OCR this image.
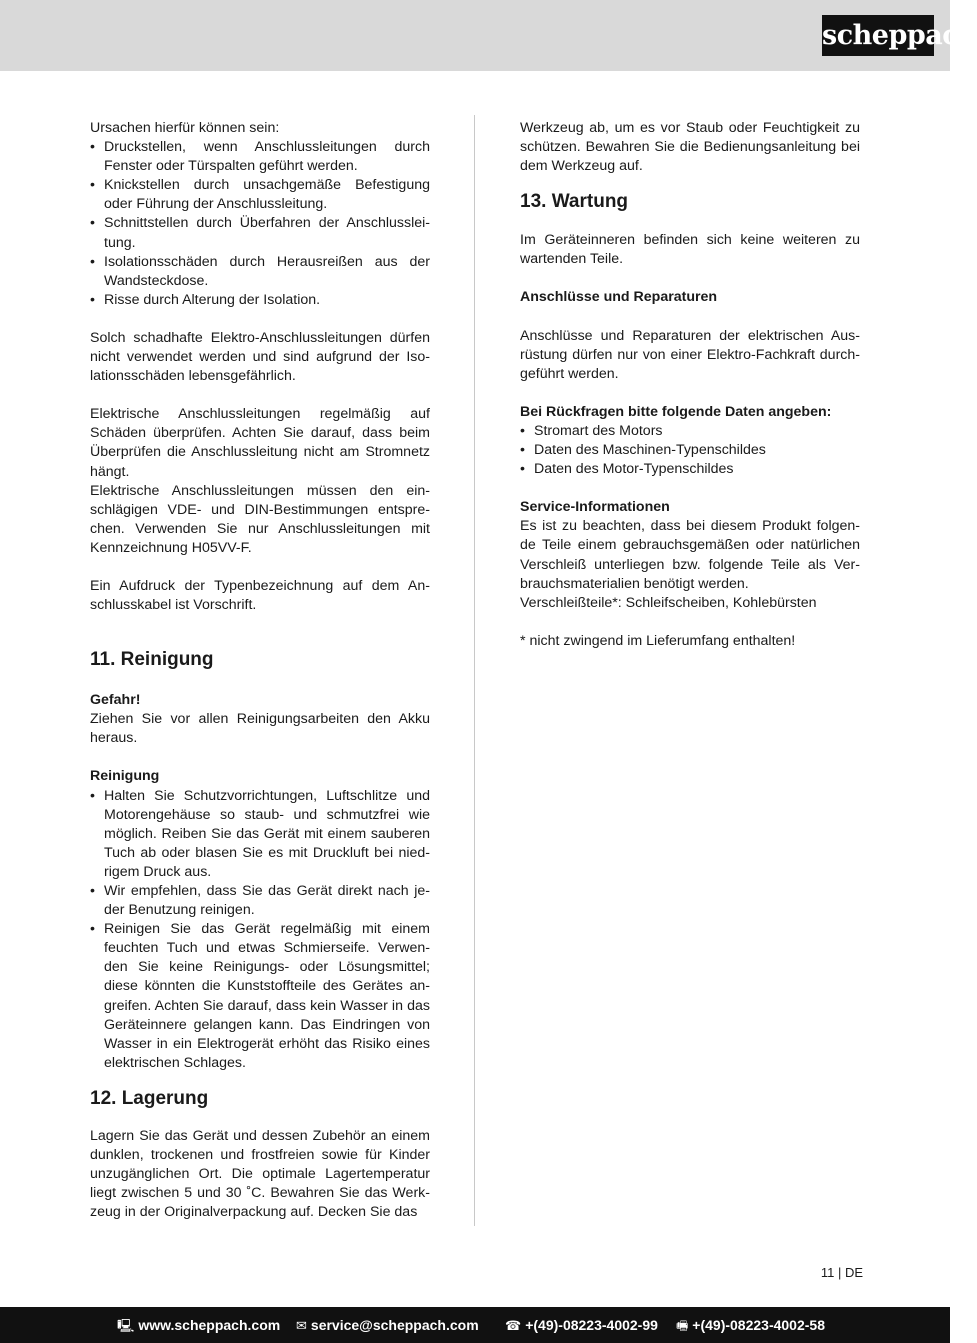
scheppach

Ursachen hierfür können sein:

• Druckstellen, wenn Anschlussleitungen durch Fenster oder Türspalten geführt werden.
• Knickstellen durch unsachgemäße Befestigung oder Führung der Anschlussleitung.
• Schnittstellen durch Überfahren der Anschlusslei-tung.
• Isolationsschäden durch Herausreißen aus der Wandsteckdose.
• Risse durch Alterung der Isolation.

Solch schadhafte Elektro-Anschlussleitungen dürfen nicht verwendet werden und sind aufgrund der Iso-lationsschäden lebensgefährlich.

Elektrische Anschlussleitungen regelmäßig auf Schäden überprüfen. Achten Sie darauf, dass beim Überprüfen die Anschlussleitung nicht am Stromnetz hängt.

Elektrische Anschlussleitungen müssen den ein-schlägigen VDE- und DIN-Bestimmungen entspre-chen. Verwenden Sie nur Anschlussleitungen mit Kennzeichnung H05VV-F.

Ein Aufdruck der Typenbezeichnung auf dem An-schlusskabel ist Vorschrift.

11. Reinigung

Gefahr!

Ziehen Sie vor allen Reinigungsarbeiten den Akku heraus.

Reinigung

• Halten Sie Schutzvorrichtungen, Luftschlitze und Motorengehäuse so staub- und schmutzfrei wie möglich. Reiben Sie das Gerät mit einem sauberen Tuch ab oder blasen Sie es mit Druckluft bei nied-rigem Druck aus.
• Wir empfehlen, dass Sie das Gerät direkt nach je-der Benutzung reinigen.
• Reinigen Sie das Gerät regelmäßig mit einem feuchten Tuch und etwas Schmierseife. Verwen-den Sie keine Reinigungs- oder Lösungsmittel; diese könnten die Kunststoffteile des Gerätes an-greifen. Achten Sie darauf, dass kein Wasser in das Geräteinnere gelangen kann. Das Eindringen von Wasser in ein Elektrogerät erhöht das Risiko eines elektrischen Schlages.
12. Lagerung

Lagern Sie das Gerät und dessen Zubehör an einem dunklen, trockenen und frostfreien sowie für Kinder unzugänglichen Ort. Die optimale Lagertemperatur liegt zwischen 5 und 30 ˚C. Bewahren Sie das Werk-zeug in der Originalverpackung auf. Decken Sie das

Werkzeug ab, um es vor Staub oder Feuchtigkeit zu schützen. Bewahren Sie die Bedienungsanleitung bei dem Werkzeug auf.

13. Wartung

Im Geräteinneren befinden sich keine weiteren zu wartenden Teile.

Anschlüsse und Reparaturen

Anschlüsse und Reparaturen der elektrischen Aus-rüstung dürfen nur von einer Elektro-Fachkraft durch-geführt werden.

Bei Rückfragen bitte folgende Daten angeben:

• Stromart des Motors
• Daten des Maschinen-Typenschildes
• Daten des Motor-Typenschildes

Service-Informationen

Es ist zu beachten, dass bei diesem Produkt folgen-de Teile einem gebrauchsgemäßen oder natürlichen Verschleiß unterliegen bzw. folgende Teile als Ver-brauchsmaterialien benötigt werden.

Verschleißteile*: Schleifscheiben, Kohlebürsten

* nicht zwingend im Lieferumfang enthalten!

11 | DE
🖳 www.scheppach.com ✉ service@scheppach.com ☎ +(49)-08223-4002-99 🖷 +(49)-08223-4002-58
